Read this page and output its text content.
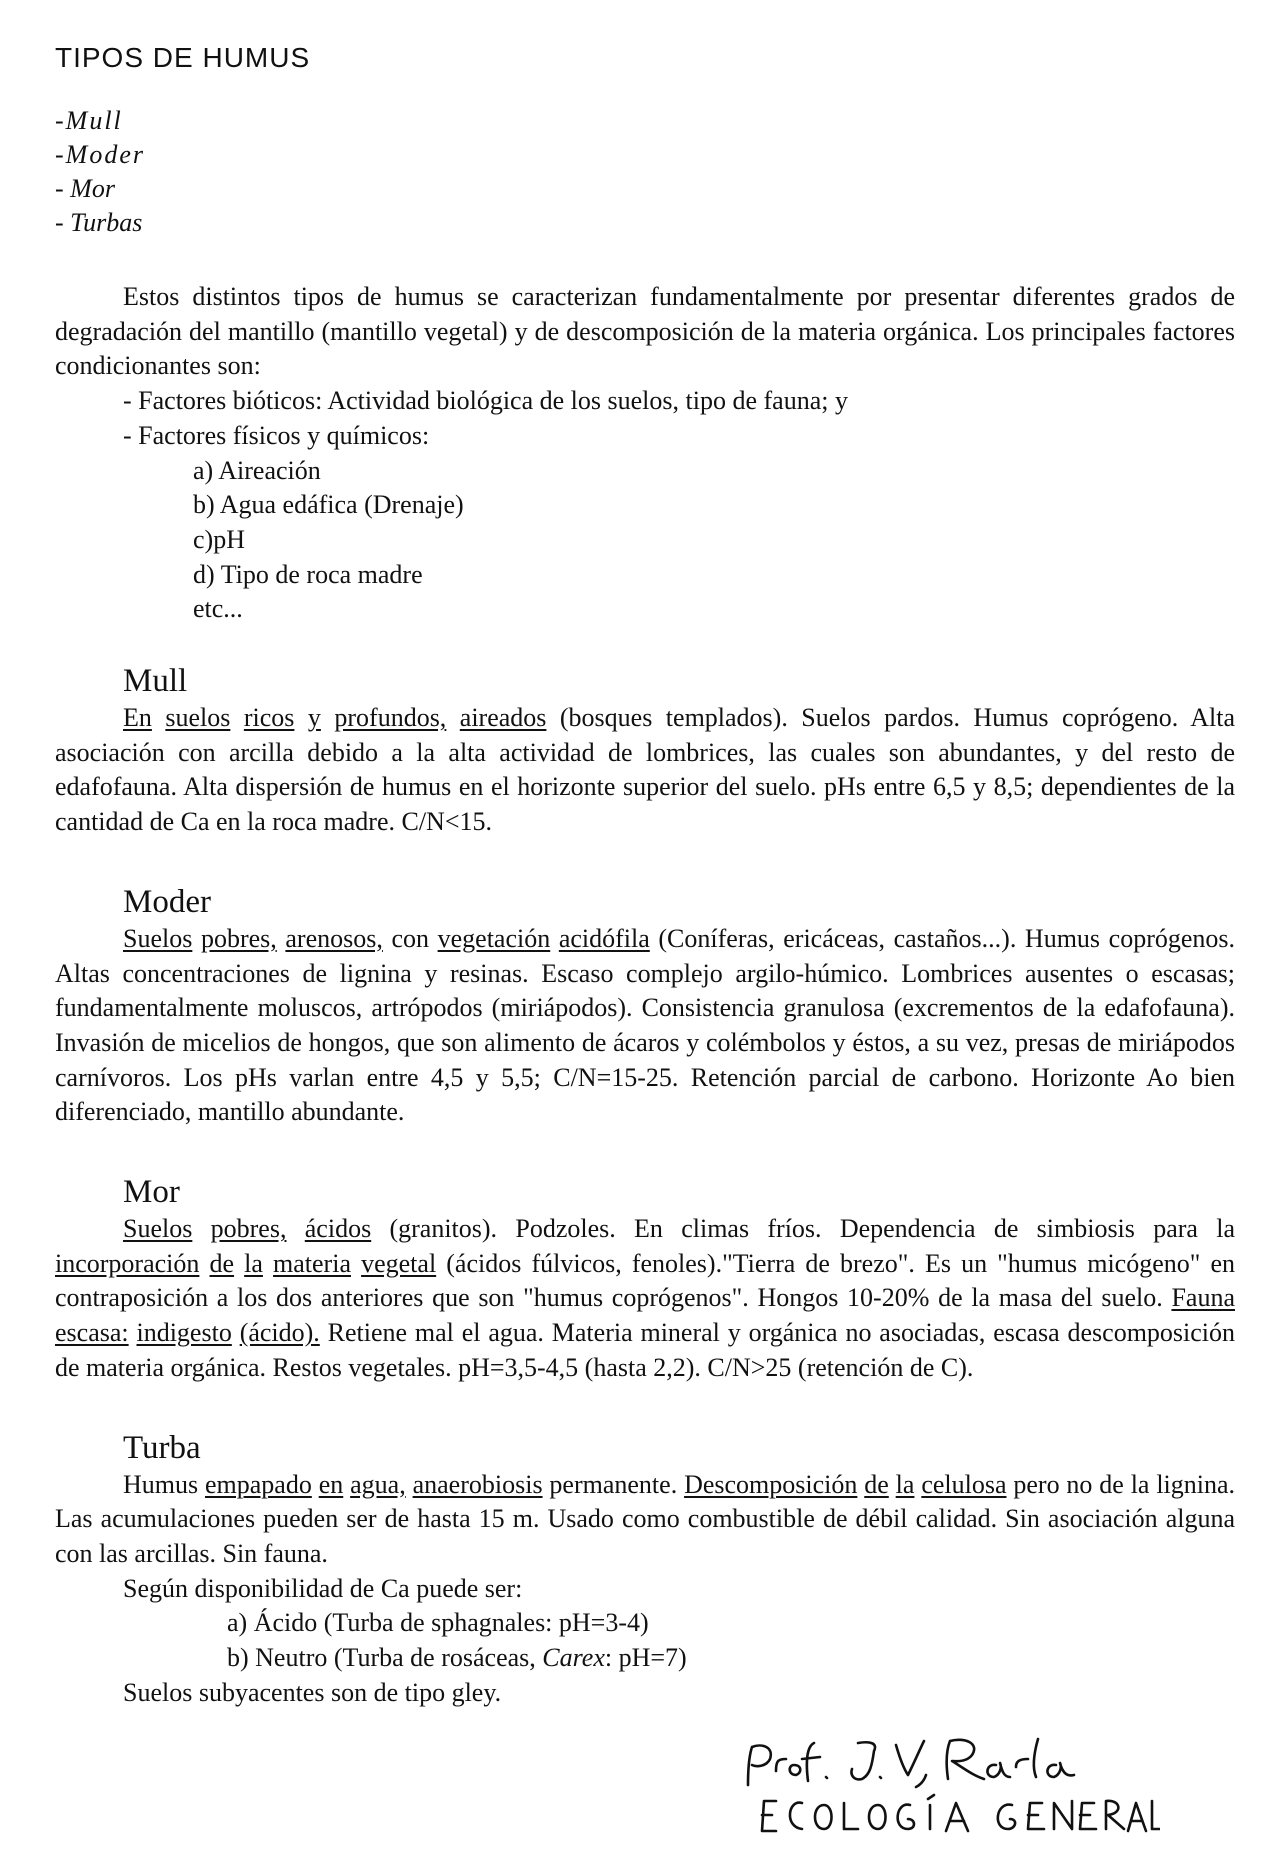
TIPOS DE HUMUS
-Mull
-Moder
- Mor
- Turbas

Estos distintos tipos de humus se caracterizan fundamentalmente por presentar diferentes grados de degradación del mantillo (mantillo vegetal) y de descomposición de la materia orgánica. Los principales factores condicionantes son:

- Factores bióticos: Actividad biológica de los suelos, tipo de fauna; y

- Factores físicos y químicos:

a) Aireación

b) Agua edáfica (Drenaje)

c)pH

d) Tipo de roca madre

etc...

Mull

En suelos ricos y profundos, aireados (bosques templados). Suelos pardos. Humus coprógeno. Alta asociación con arcilla debido a la alta actividad de lombrices, las cuales son abundantes, y del resto de edafofauna. Alta dispersión de humus en el horizonte superior del suelo. pHs entre 6,5 y 8,5; dependientes de la cantidad de Ca en la roca madre. C/N<15.

Moder

Suelos pobres, arenosos, con vegetación acidófila (Coníferas, ericáceas, castaños...). Humus coprógenos. Altas concentraciones de lignina y resinas. Escaso complejo argilo-húmico. Lombrices ausentes o escasas; fundamentalmente moluscos, artrópodos (miriápodos). Consistencia granulosa (excrementos de la edafofauna). Invasión de micelios de hongos, que son alimento de ácaros y colémbolos y éstos, a su vez, presas de miriápodos carnívoros. Los pHs varlan entre 4,5 y 5,5; C/N=15-25. Retención parcial de carbono. Horizonte Ao bien diferenciado, mantillo abundante.

Mor

Suelos pobres, ácidos (granitos). Podzoles. En climas fríos. Dependencia de simbiosis para la incorporación de la materia vegetal (ácidos fúlvicos, fenoles)."Tierra de brezo". Es un "humus micógeno" en contraposición a los dos anteriores que son "humus coprógenos". Hongos 10-20% de la masa del suelo. Fauna escasa: indigesto (ácido). Retiene mal el agua. Materia mineral y orgánica no asociadas, escasa descomposición de materia orgánica. Restos vegetales. pH=3,5-4,5 (hasta 2,2). C/N>25 (retención de C).

Turba

Humus empapado en agua, anaerobiosis permanente. Descomposición de la celulosa pero no de la lignina. Las acumulaciones pueden ser de hasta 15 m. Usado como combustible de débil calidad. Sin asociación alguna con las arcillas. Sin fauna.

Según disponibilidad de Ca puede ser:

a) Ácido (Turba de sphagnales: pH=3-4)

b) Neutro (Turba de rosáceas, Carex: pH=7)

Suelos subyacentes son de tipo gley.
